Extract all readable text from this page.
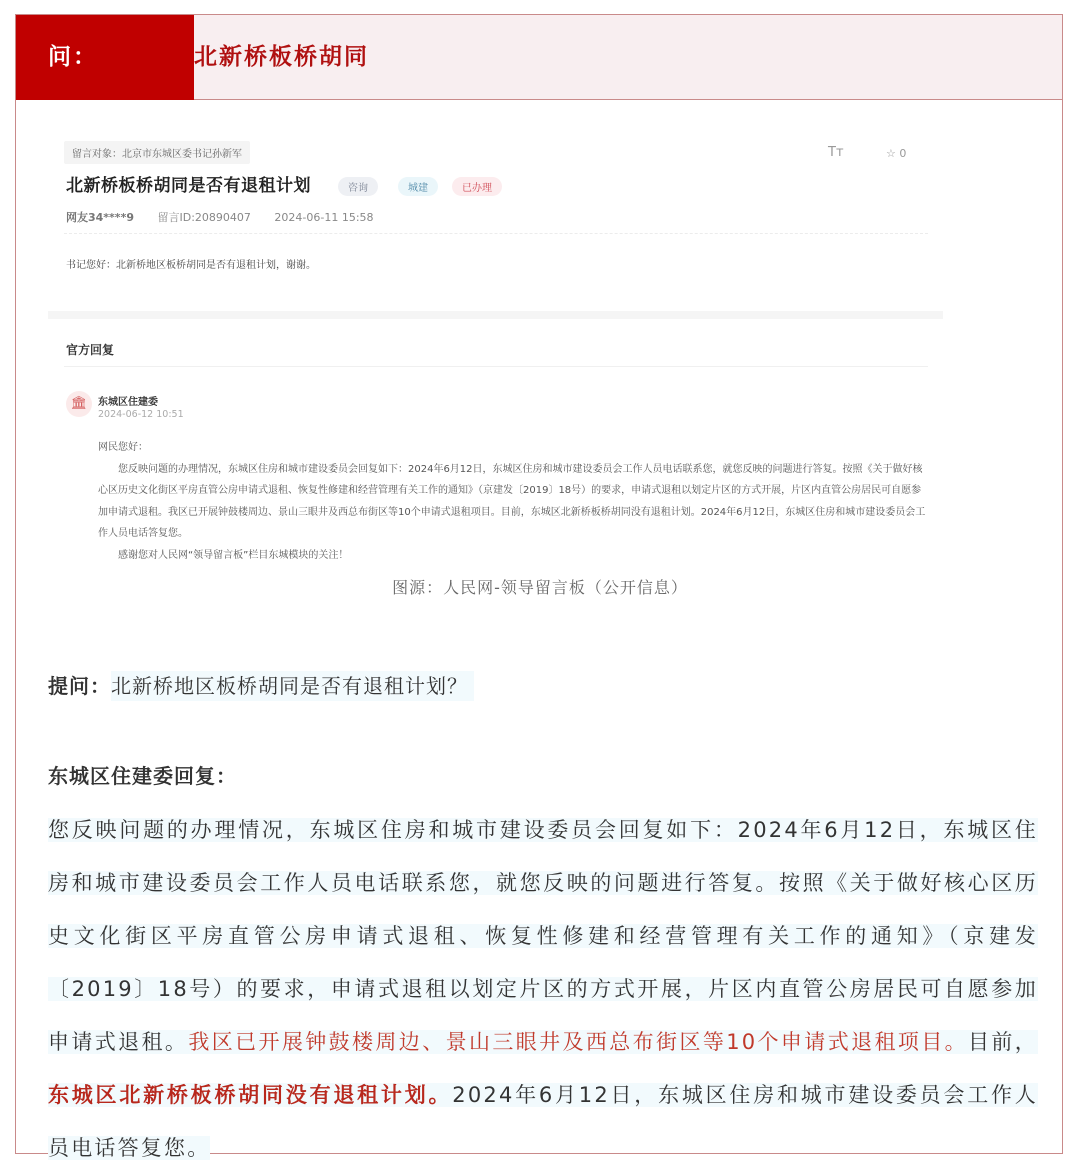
问：	北新桥板桥胡同
留言对象：北京市东城区委书记孙新军
北新桥板桥胡同是否有退租计划	咨询	城建	已办理
Tт	☆ 0
网友34****9 留言ID:20890407 2024-06-11 15:58
书记您好：北新桥地区板桥胡同是否有退租计划，谢谢。
官方回复
🏛	东城区住建委
2024-06-12 10:51

网民您好：

您反映问题的办理情况，东城区住房和城市建设委员会回复如下：2024年6月12日，东城区住房和城市建设委员会工作人员电话联系您，就您反映的问题进行答复。按照《关于做好核心区历史文化街区平房直管公房申请式退租、恢复性修建和经营管理有关工作的通知》（京建发〔2019〕18号）的要求，申请式退租以划定片区的方式开展，片区内直管公房居民可自愿参加申请式退租。我区已开展钟鼓楼周边、景山三眼井及西总布街区等10个申请式退租项目。目前，东城区北新桥板桥胡同没有退租计划。2024年6月12日，东城区住房和城市建设委员会工作人员电话答复您。

感谢您对人民网“领导留言板”栏目东城模块的关注！

图源：人民网-领导留言板（公开信息）
提问：北新桥地区板桥胡同是否有退租计划？
东城区住建委回复：
您反映问题的办理情况，东城区住房和城市建设委员会回复如下：2024年6月12日，东城区住房和城市建设委员会工作人员电话联系您，就您反映的问题进行答复。按照《关于做好核心区历史文化街区平房直管公房申请式退租、恢复性修建和经营管理有关工作的通知》（京建发〔2019〕18号）的要求，申请式退租以划定片区的方式开展，片区内直管公房居民可自愿参加申请式退租。我区已开展钟鼓楼周边、景山三眼井及西总布街区等10个申请式退租项目。目前，东城区北新桥板桥胡同没有退租计划。2024年6月12日，东城区住房和城市建设委员会工作人员电话答复您。
